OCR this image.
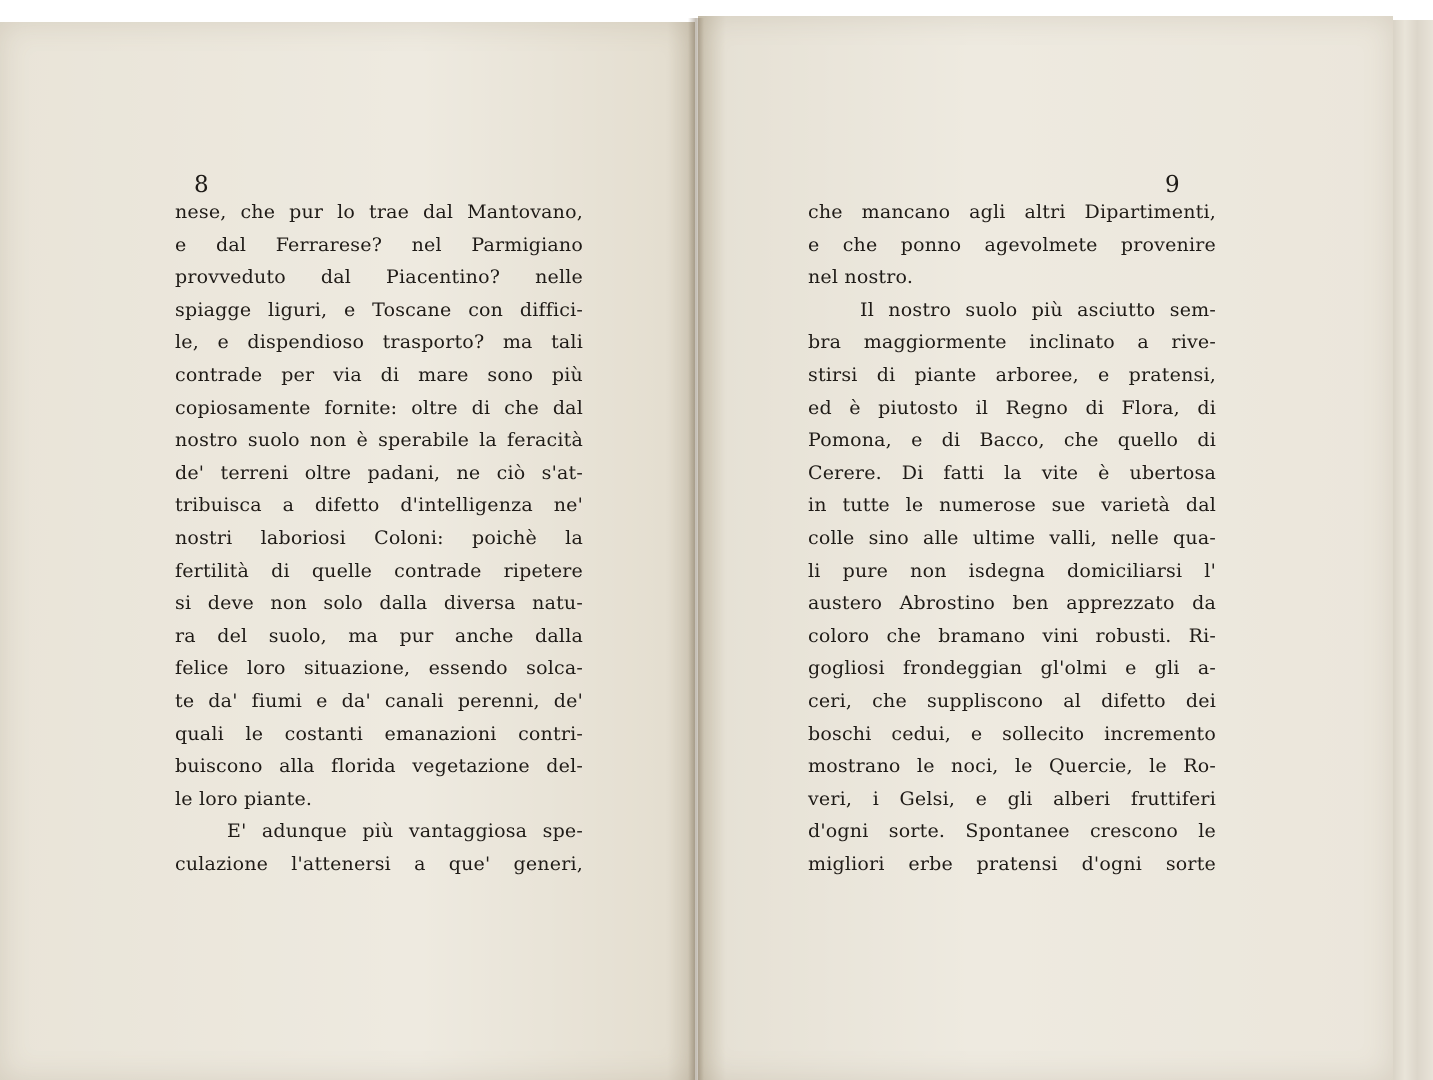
8	9
nese, che pur lo trae dal Mantovano,
e dal Ferrarese? nel Parmigiano
provveduto dal Piacentino? nelle
spiagge liguri, e Toscane con diffici-
le, e dispendioso trasporto? ma tali
contrade per via di mare sono più
copiosamente fornite: oltre di che dal
nostro suolo non è sperabile la feracità
de' terreni oltre padani, ne ciò s'at-
tribuisca a difetto d'intelligenza ne'
nostri laboriosi Coloni: poichè la
fertilità di quelle contrade ripetere
si deve non solo dalla diversa natu-
ra del suolo, ma pur anche dalla
felice loro situazione, essendo solca-
te da' fiumi e da' canali perenni, de'
quali le costanti emanazioni contri-
buiscono alla florida vegetazione del-
le loro piante.
E' adunque più vantaggiosa spe-
culazione l'attenersi a que' generi,
che mancano agli altri Dipartimenti,
e che ponno agevolmete provenire
nel nostro.
Il nostro suolo più asciutto sem-
bra maggiormente inclinato a rive-
stirsi di piante arboree, e pratensi,
ed è piutosto il Regno di Flora, di
Pomona, e di Bacco, che quello di
Cerere. Di fatti la vite è ubertosa
in tutte le numerose sue varietà dal
colle sino alle ultime valli, nelle qua-
li pure non isdegna domiciliarsi l'
austero Abrostino ben apprezzato da
coloro che bramano vini robusti. Ri-
gogliosi frondeggian gl'olmi e gli a-
ceri, che suppliscono al difetto dei
boschi cedui, e sollecito incremento
mostrano le noci, le Quercie, le Ro-
veri, i Gelsi, e gli alberi fruttiferi
d'ogni sorte. Spontanee crescono le
migliori erbe pratensi d'ogni sorte
